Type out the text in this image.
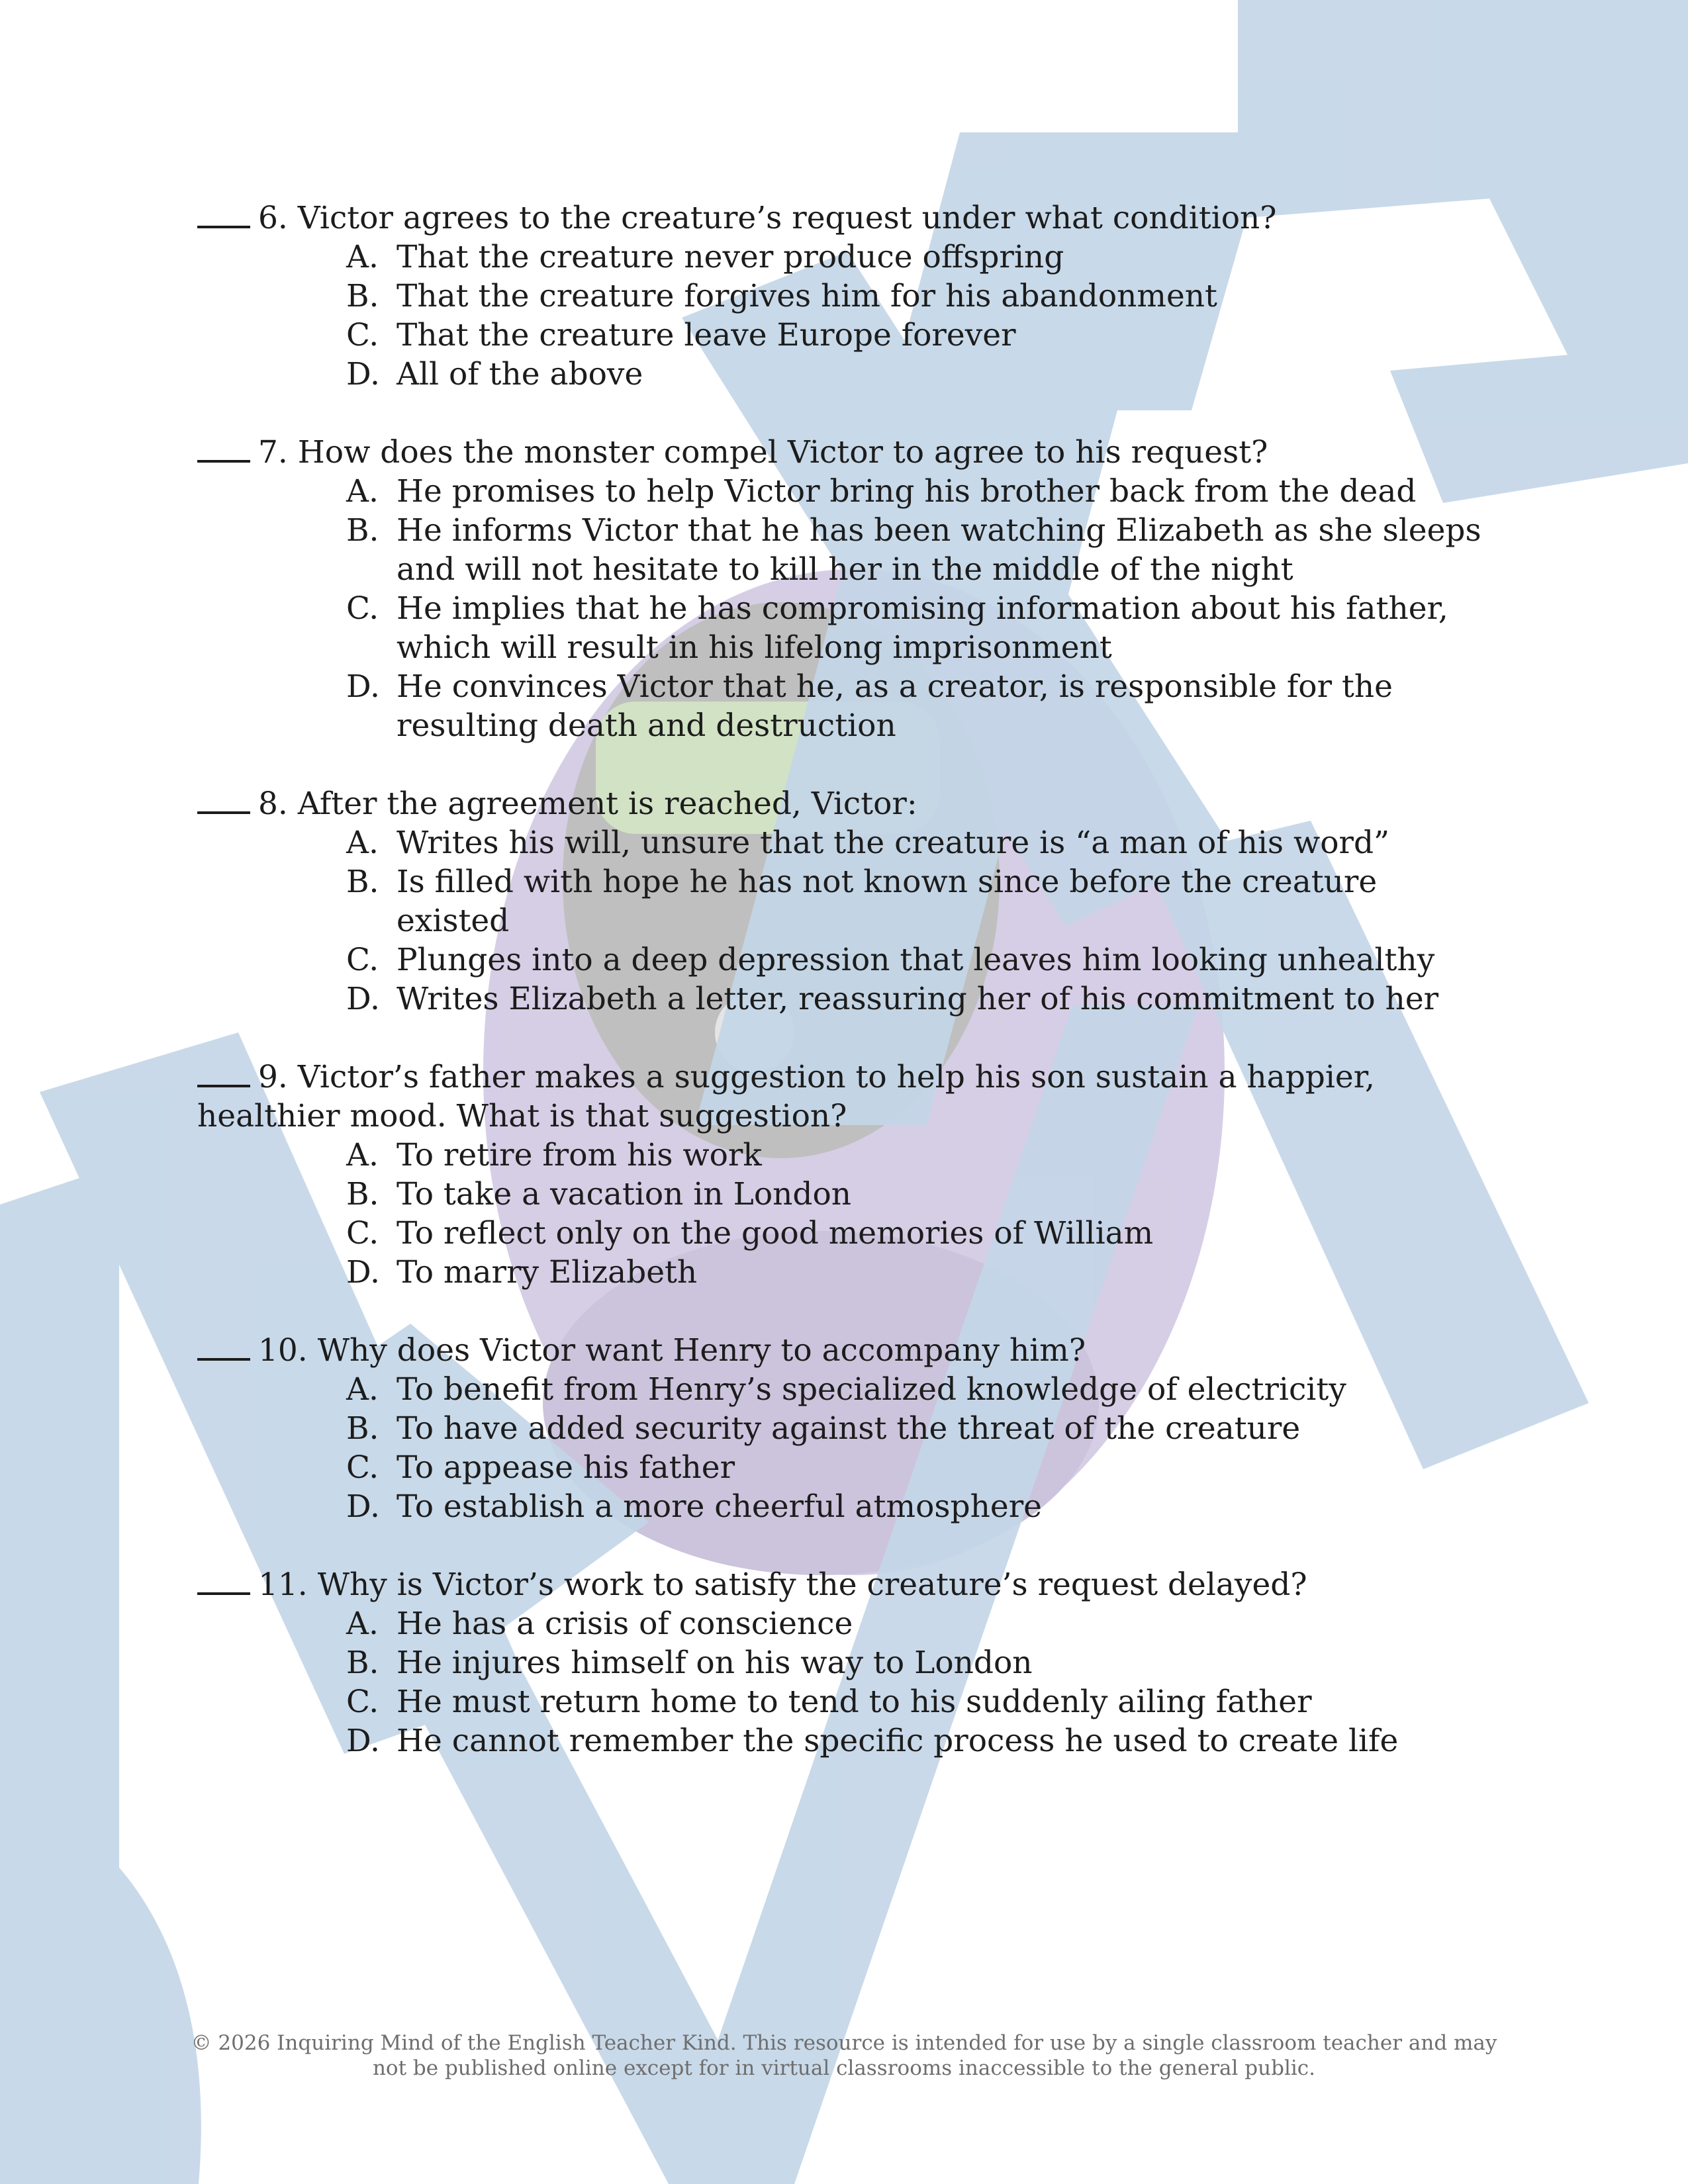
6. Victor agrees to the creature’s request under what condition?
A. That the creature never produce offspring
B. That the creature forgives him for his abandonment
C. That the creature leave Europe forever
D. All of the above
7. How does the monster compel Victor to agree to his request?
A. He promises to help Victor bring his brother back from the dead
B. He informs Victor that he has been watching Elizabeth as she sleeps and will not hesitate to kill her in the middle of the night
C. He implies that he has compromising information about his father, which will result in his lifelong imprisonment
D. He convinces Victor that he, as a creator, is responsible for the resulting death and destruction
8. After the agreement is reached, Victor:
A. Writes his will, unsure that the creature is “a man of his word”
B. Is filled with hope he has not known since before the creature existed
C. Plunges into a deep depression that leaves him looking unhealthy
D. Writes Elizabeth a letter, reassuring her of his commitment to her
9. Victor’s father makes a suggestion to help his son sustain a happier, healthier mood. What is that suggestion?
A. To retire from his work
B. To take a vacation in London
C. To reflect only on the good memories of William
D. To marry Elizabeth
10. Why does Victor want Henry to accompany him?
A. To benefit from Henry’s specialized knowledge of electricity
B. To have added security against the threat of the creature
C. To appease his father
D. To establish a more cheerful atmosphere
11. Why is Victor’s work to satisfy the creature’s request delayed?
A. He has a crisis of conscience
B. He injures himself on his way to London
C. He must return home to tend to his suddenly ailing father
D. He cannot remember the specific process he used to create life
© 2026 Inquiring Mind of the English Teacher Kind. This resource is intended for use by a single classroom teacher and may
not be published online except for in virtual classrooms inaccessible to the general public.
